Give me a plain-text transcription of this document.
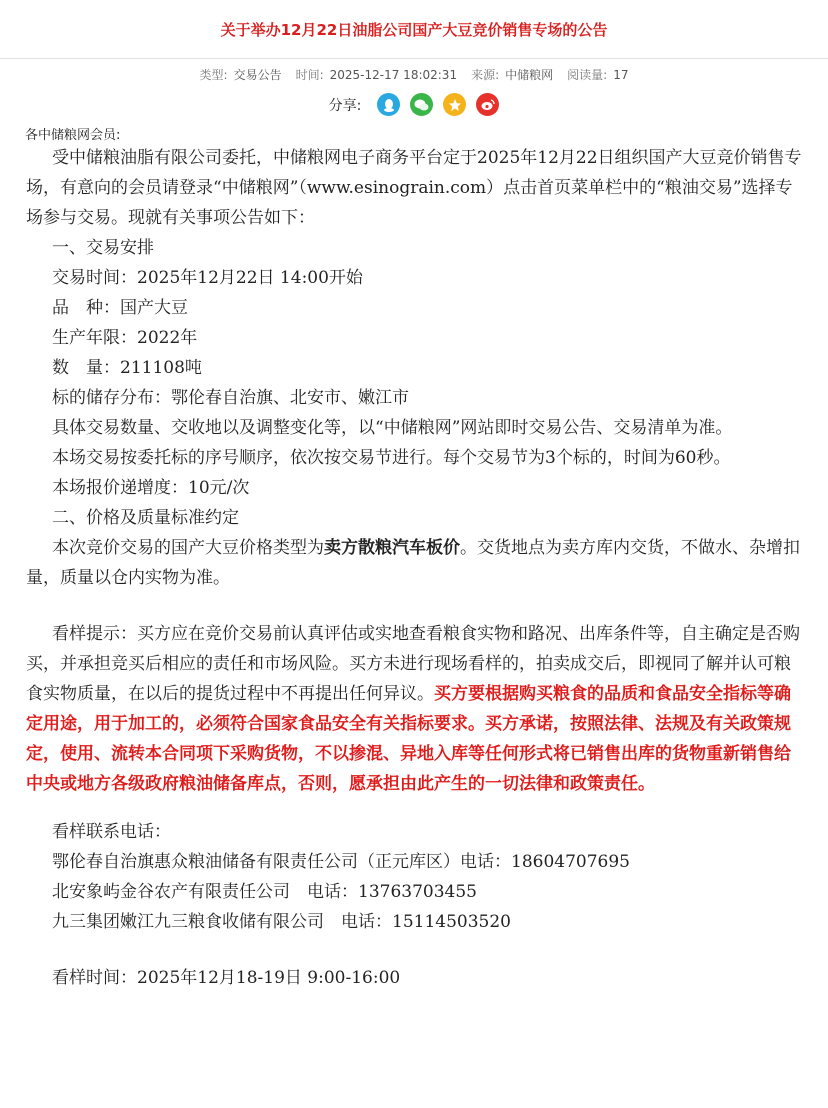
关于举办12月22日油脂公司国产大豆竞价销售专场的公告
类型: 交易公告 时间: 2025-12-17 18:02:31 来源: 中储粮网 阅读量: 17
分享:
各中储粮网会员:

受中储粮油脂有限公司委托，中储粮网电子商务平台定于2025年12月22日组织国产大豆竞价销售专场，有意向的会员请登录“中储粮网”（www.esinograin.com）点击首页菜单栏中的“粮油交易”选择专场参与交易。现就有关事项公告如下：

一、交易安排

交易时间：2025年12月22日 14:00开始

品　种：国产大豆

生产年限：2022年

数　量：211108吨

标的储存分布：鄂伦春自治旗、北安市、嫩江市

具体交易数量、交收地以及调整变化等，以“中储粮网”网站即时交易公告、交易清单为准。

本场交易按委托标的序号顺序，依次按交易节进行。每个交易节为3个标的，时间为60秒。

本场报价递增度：10元/次

二、价格及质量标准约定

本次竞价交易的国产大豆价格类型为卖方散粮汽车板价。交货地点为卖方库内交货，不做水、杂增扣量，质量以仓内实物为准。

看样提示：买方应在竞价交易前认真评估或实地查看粮食实物和路况、出库条件等，自主确定是否购买，并承担竞买后相应的责任和市场风险。买方未进行现场看样的，拍卖成交后，即视同了解并认可粮食实物质量，在以后的提货过程中不再提出任何异议。买方要根据购买粮食的品质和食品安全指标等确定用途，用于加工的，必须符合国家食品安全有关指标要求。买方承诺，按照法律、法规及有关政策规定，使用、流转本合同项下采购货物，不以掺混、异地入库等任何形式将已销售出库的货物重新销售给中央或地方各级政府粮油储备库点，否则，愿承担由此产生的一切法律和政策责任。

看样联系电话：

鄂伦春自治旗惠众粮油储备有限责任公司（正元库区）电话：18604707695

北安象屿金谷农产有限责任公司　电话：13763703455

九三集团嫩江九三粮食收储有限公司　电话：15114503520

看样时间：2025年12月18-19日 9:00-16:00
